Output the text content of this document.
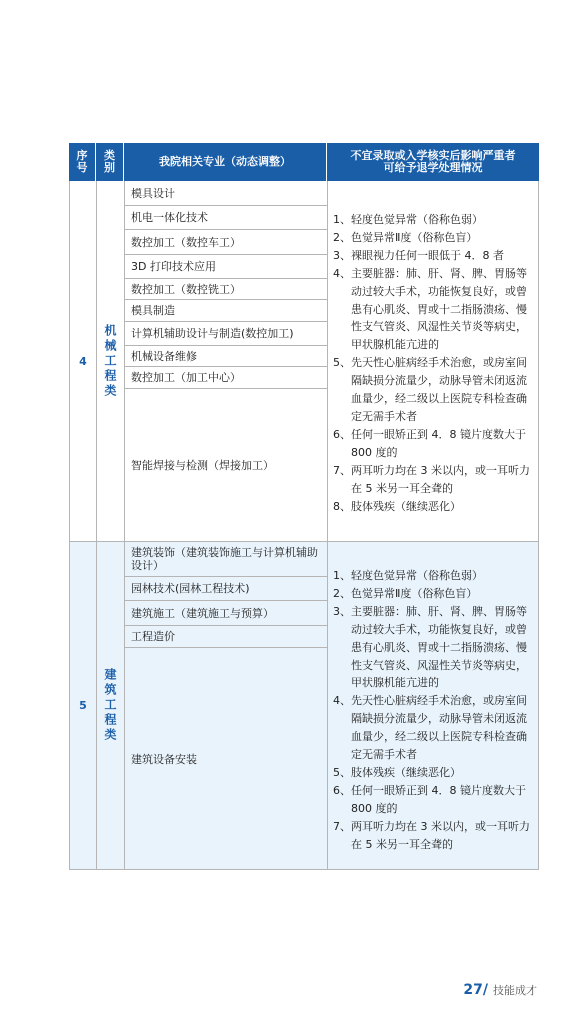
序号
类别	我院相关专业（动态调整）	不宜录取或入学核实后影响严重者
可给予退学处理情况
4 机械工程类
模具设计
机电一体化技术
数控加工（数控车工）
3D 打印技术应用
数控加工（数控铣工）
模具制造
计算机辅助设计与制造(数控加工)
机械设备维修
数控加工（加工中心）
智能焊接与检测（焊接加工）
1、 轻度色觉异常（俗称色弱）
2、 色觉异常Ⅱ度（俗称色盲）
3、 裸眼视力任何一眼低于 4．8 者
4、 主要脏器：肺、肝、肾、脾、胃肠等动过较大手术，功能恢复良好，或曾患有心肌炎、胃或十二指肠溃疡、慢性支气管炎、风湿性关节炎等病史，甲状腺机能亢进的
5、 先天性心脏病经手术治愈，或房室间隔缺损分流量少，动脉导管未闭返流血量少，经二级以上医院专科检查确定无需手术者
6、 任何一眼矫正到 4．8 镜片度数大于 800 度的
7、 两耳听力均在 3 米以内，或一耳听力在 5 米另一耳全聋的
8、 肢体残疾（继续恶化）
5 建筑工程类
建筑装饰（建筑装饰施工与计算机辅助设计）
园林技术(园林工程技术)
建筑施工（建筑施工与预算）
工程造价
建筑设备安装
1、 轻度色觉异常（俗称色弱）
2、 色觉异常Ⅱ度（俗称色盲）
3、 主要脏器：肺、肝、肾、脾、胃肠等动过较大手术，功能恢复良好，或曾患有心肌炎、胃或十二指肠溃疡、慢性支气管炎、风湿性关节炎等病史，甲状腺机能亢进的
4、 先天性心脏病经手术治愈，或房室间隔缺损分流量少，动脉导管未闭返流血量少，经二级以上医院专科检查确定无需手术者
5、 肢体残疾（继续恶化）
6、 任何一眼矫正到 4．8 镜片度数大于 800 度的
7、 两耳听力均在 3 米以内，或一耳听力在 5 米另一耳全聋的
27 / 技能成才
